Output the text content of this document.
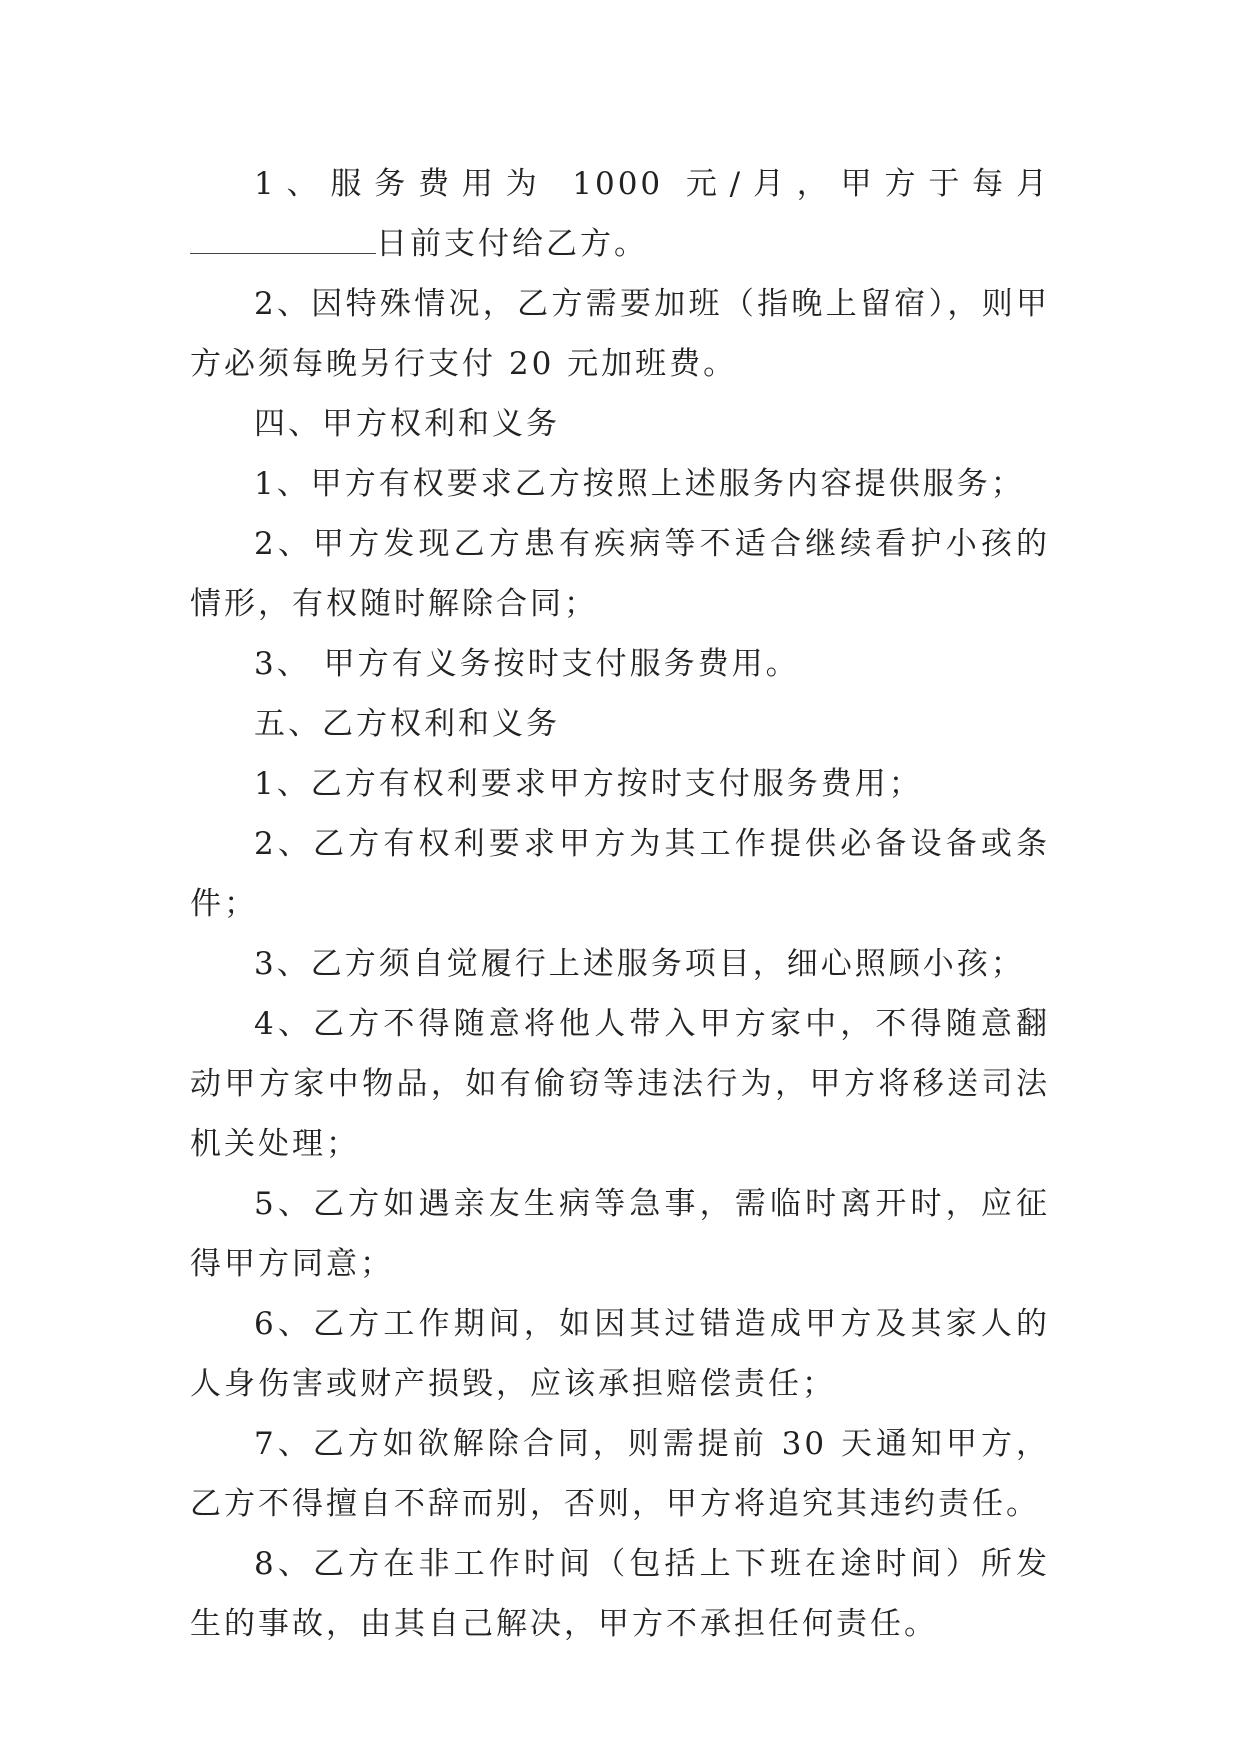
1、服务费用为 1000 元/月，甲方于每月日前支付给乙方。

2、因特殊情况，乙方需要加班（指晚上留宿），则甲方必须每晚另行支付 20 元加班费。

四、甲方权利和义务

1、甲方有权要求乙方按照上述服务内容提供服务；

2、甲方发现乙方患有疾病等不适合继续看护小孩的情形，有权随时解除合同；

3、 甲方有义务按时支付服务费用。

五、乙方权利和义务

1、乙方有权利要求甲方按时支付服务费用；

2、乙方有权利要求甲方为其工作提供必备设备或条件；

3、乙方须自觉履行上述服务项目，细心照顾小孩；

4、乙方不得随意将他人带入甲方家中，不得随意翻动甲方家中物品，如有偷窃等违法行为，甲方将移送司法机关处理；

5、乙方如遇亲友生病等急事，需临时离开时，应征得甲方同意；

6、乙方工作期间，如因其过错造成甲方及其家人的人身伤害或财产损毁，应该承担赔偿责任；

7、乙方如欲解除合同，则需提前 30 天通知甲方，乙方不得擅自不辞而别，否则，甲方将追究其违约责任。

8、乙方在非工作时间（包括上下班在途时间）所发生的事故，由其自己解决，甲方不承担任何责任。
